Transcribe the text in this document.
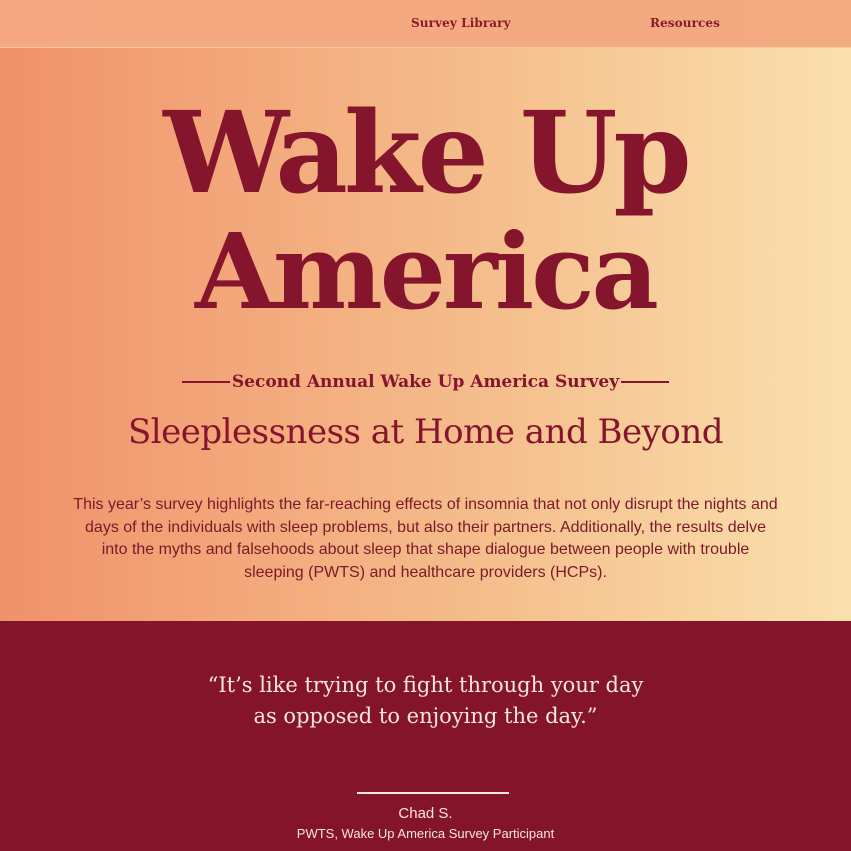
Survey Library	Resources
Wake Up
America
Second Annual Wake Up America Survey
Sleeplessness at Home and Beyond
This year’s survey highlights the far-reaching effects of insomnia that not only disrupt the nights and days of the individuals with sleep problems, but also their partners. Additionally, the results delve into the myths and falsehoods about sleep that shape dialogue between people with trouble sleeping (PWTS) and healthcare providers (HCPs).
“It’s like trying to fight through your day as opposed to enjoying the day.”
Chad S.
PWTS, Wake Up America Survey Participant
